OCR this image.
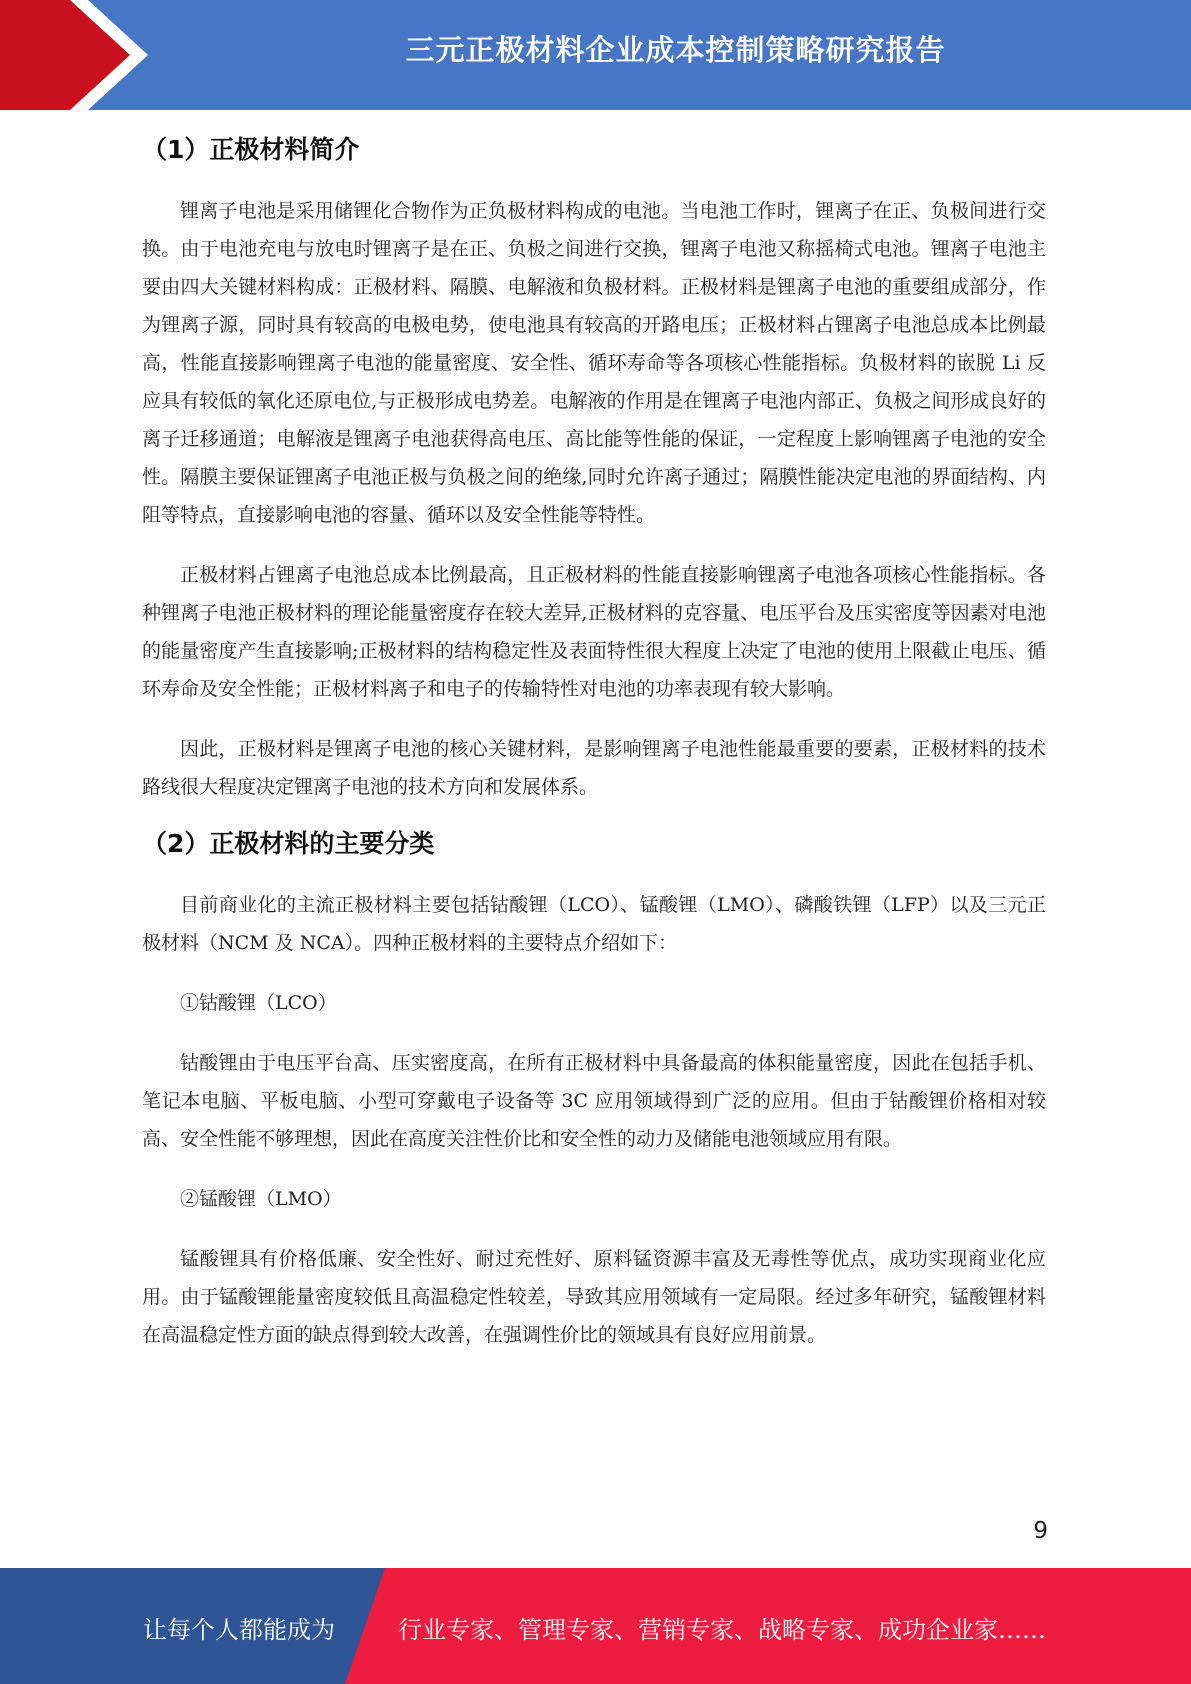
三元正极材料企业成本控制策略研究报告
（1）正极材料简介

锂离子电池是采用储锂化合物作为正负极材料构成的电池。当电池工作时，锂离子在正、负极间进行交换。由于电池充电与放电时锂离子是在正、负极之间进行交换，锂离子电池又称摇椅式电池。锂离子电池主要由四大关键材料构成：正极材料、隔膜、电解液和负极材料。正极材料是锂离子电池的重要组成部分，作为锂离子源，同时具有较高的电极电势，使电池具有较高的开路电压；正极材料占锂离子电池总成本比例最高，性能直接影响锂离子电池的能量密度、安全性、循环寿命等各项核心性能指标。负极材料的嵌脱 Li 反应具有较低的氧化还原电位,与正极形成电势差。电解液的作用是在锂离子电池内部正、负极之间形成良好的离子迁移通道；电解液是锂离子电池获得高电压、高比能等性能的保证，一定程度上影响锂离子电池的安全性。隔膜主要保证锂离子电池正极与负极之间的绝缘,同时允许离子通过；隔膜性能决定电池的界面结构、内阻等特点，直接影响电池的容量、循环以及安全性能等特性。

正极材料占锂离子电池总成本比例最高，且正极材料的性能直接影响锂离子电池各项核心性能指标。各种锂离子电池正极材料的理论能量密度存在较大差异,正极材料的克容量、电压平台及压实密度等因素对电池的能量密度产生直接影响;正极材料的结构稳定性及表面特性很大程度上决定了电池的使用上限截止电压、循环寿命及安全性能；正极材料离子和电子的传输特性对电池的功率表现有较大影响。

因此，正极材料是锂离子电池的核心关键材料，是影响锂离子电池性能最重要的要素，正极材料的技术路线很大程度决定锂离子电池的技术方向和发展体系。

（2）正极材料的主要分类

目前商业化的主流正极材料主要包括钴酸锂（LCO）、锰酸锂（LMO）、磷酸铁锂（LFP）以及三元正极材料（NCM 及 NCA）。四种正极材料的主要特点介绍如下：

①钴酸锂（LCO）

钴酸锂由于电压平台高、压实密度高，在所有正极材料中具备最高的体积能量密度，因此在包括手机、笔记本电脑、平板电脑、小型可穿戴电子设备等 3C 应用领域得到广泛的应用。但由于钴酸锂价格相对较高、安全性能不够理想，因此在高度关注性价比和安全性的动力及储能电池领域应用有限。

②锰酸锂（LMO）

锰酸锂具有价格低廉、安全性好、耐过充性好、原料锰资源丰富及无毒性等优点，成功实现商业化应用。由于锰酸锂能量密度较低且高温稳定性较差，导致其应用领域有一定局限。经过多年研究，锰酸锂材料在高温稳定性方面的缺点得到较大改善，在强调性价比的领域具有良好应用前景。

9
让每个人都能成为	行业专家、管理专家、营销专家、战略专家、成功企业家……
